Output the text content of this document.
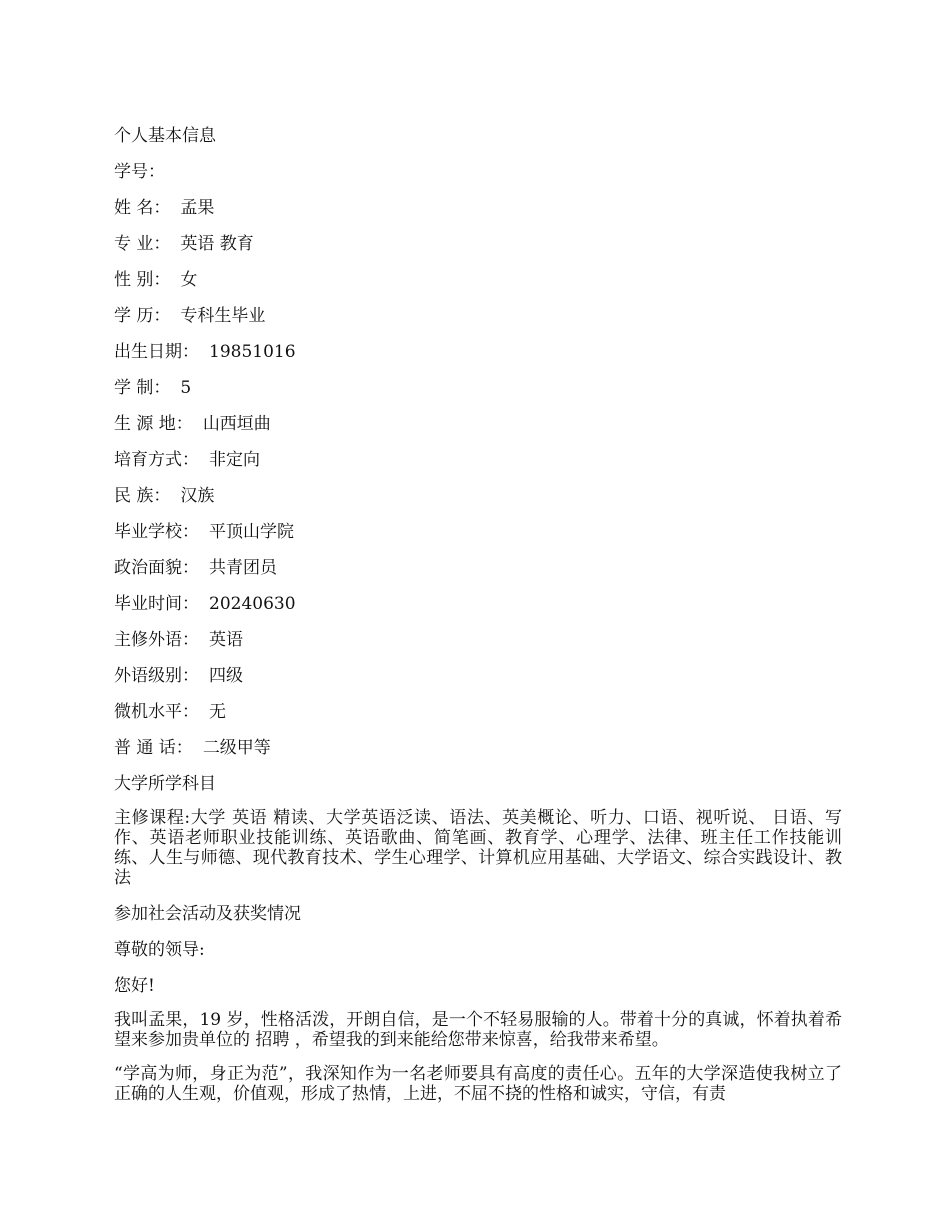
个人基本信息
学号：
姓 名： 孟果
专 业： 英语 教育
性 别： 女
学 历： 专科生毕业
出生日期： 19851016
学 制： 5
生 源 地： 山西垣曲
培育方式： 非定向
民 族： 汉族
毕业学校： 平顶山学院
政治面貌： 共青团员
毕业时间： 20240630
主修外语： 英语
外语级别： 四级
微机水平： 无
普 通 话： 二级甲等
大学所学科目

主修课程:大学 英语 精读、大学英语泛读、语法、英美概论、听力、口语、视听说、 日语、写作、英语老师职业技能训练、英语歌曲、简笔画、教育学、心理学、法律、班主任工作技能训练、人生与师德、现代教育技术、学生心理学、计算机应用基础、大学语文、综合实践设计、教法

参加社会活动及获奖情况
尊敬的领导:
您好!

我叫孟果，19 岁，性格活泼，开朗自信，是一个不轻易服输的人。带着十分的真诚，怀着执着希望来参加贵单位的 招聘 ，希望我的到来能给您带来惊喜，给我带来希望。

“学高为师，身正为范”，我深知作为一名老师要具有高度的责任心。五年的大学深造使我树立了正确的人生观，价值观，形成了热情，上进，不屈不挠的性格和诚实，守信，有责
